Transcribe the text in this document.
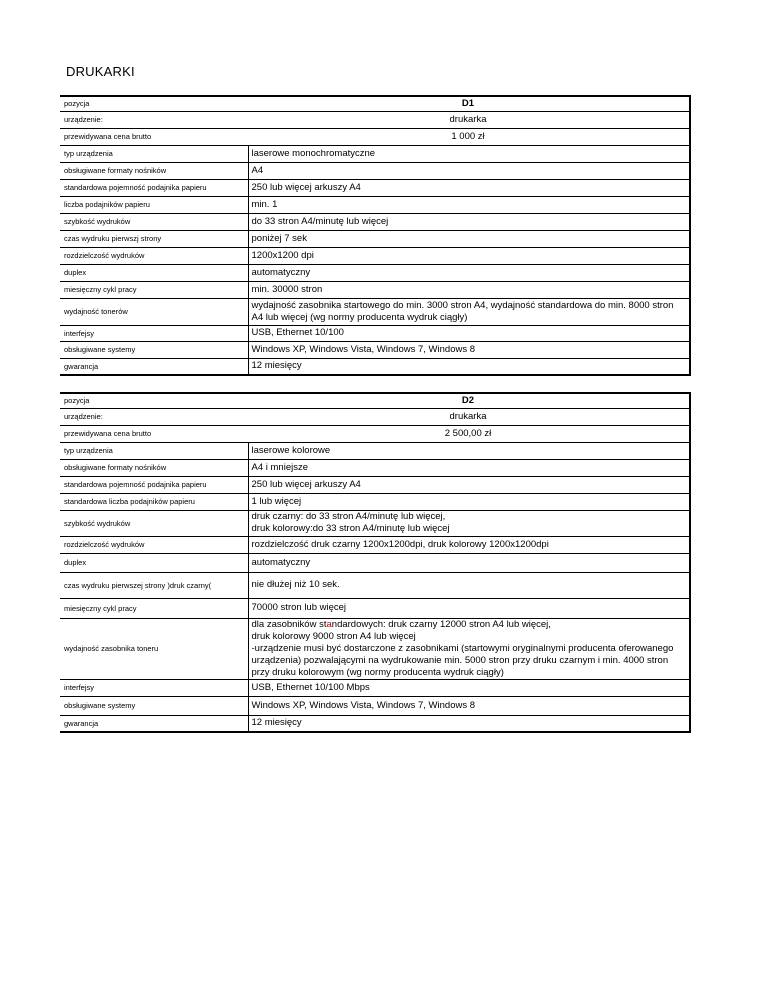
DRUKARKI
pozycja	D1
urządzenie:	drukarka
przewidywana cena brutto	1 000 zł
typ urządzenia	laserowe monochromatyczne
obsługiwane formaty nośników	A4
standardowa pojemność podajnika papieru	250 lub więcej arkuszy A4
liczba podajników papieru	min. 1
szybkość wydruków	do 33 stron A4/minutę lub więcej
czas wydruku pierwszj strony	poniżej 7 sek
rozdzielczość wydruków	1200x1200 dpi
duplex	automatyczny
miesięczny cykl pracy	min. 30000 stron
wydajność tonerów	wydajność zasobnika startowego do min. 3000 stron A4, wydajność standardowa do min. 8000 stron A4 lub więcej (wg normy producenta wydruk ciągły)
interfejsy	USB, Ethernet 10/100
obsługiwane systemy	Windows XP, Windows Vista, Windows 7, Windows 8
gwarancja	12 miesięcy
pozycja	D2
urządzenie:	drukarka
przewidywana cena brutto	2 500,00 zł
typ urządzenia	laserowe kolorowe
obsługiwane formaty nośników	A4 i mniejsze
standardowa pojemność podajnika papieru	250 lub więcej arkuszy A4
standardowa liczba podajników papieru	1 lub więcej
szybkość wydruków	druk czarny: do 33 stron A4/minutę lub więcej,
druk kolorowy:do 33 stron A4/minutę lub więcej
rozdzielczość wydruków	rozdzielczość druk czarny 1200x1200dpi, druk kolorowy 1200x1200dpi
duplex	automatyczny
czas wydruku pierwszej strony )druk czarny(	nie dłużej niż 10 sek.
miesięczny cykl pracy	70000 stron lub więcej
wydajność zasobnika toneru	dla zasobników standardowych: druk czarny 12000 stron A4 lub więcej,
druk kolorowy 9000 stron A4 lub więcej
-urządzenie musi być dostarczone z zasobnikami (startowymi oryginalnymi producenta oferowanego urządzenia) pozwalającymi na wydrukowanie min. 5000 stron przy druku czarnym i min. 4000 stron przy druku kolorowym (wg normy producenta wydruk ciągły)
interfejsy	USB, Ethernet 10/100 Mbps
obsługiwane systemy	Windows XP, Windows Vista, Windows 7, Windows 8
gwarancja	12 miesięcy
